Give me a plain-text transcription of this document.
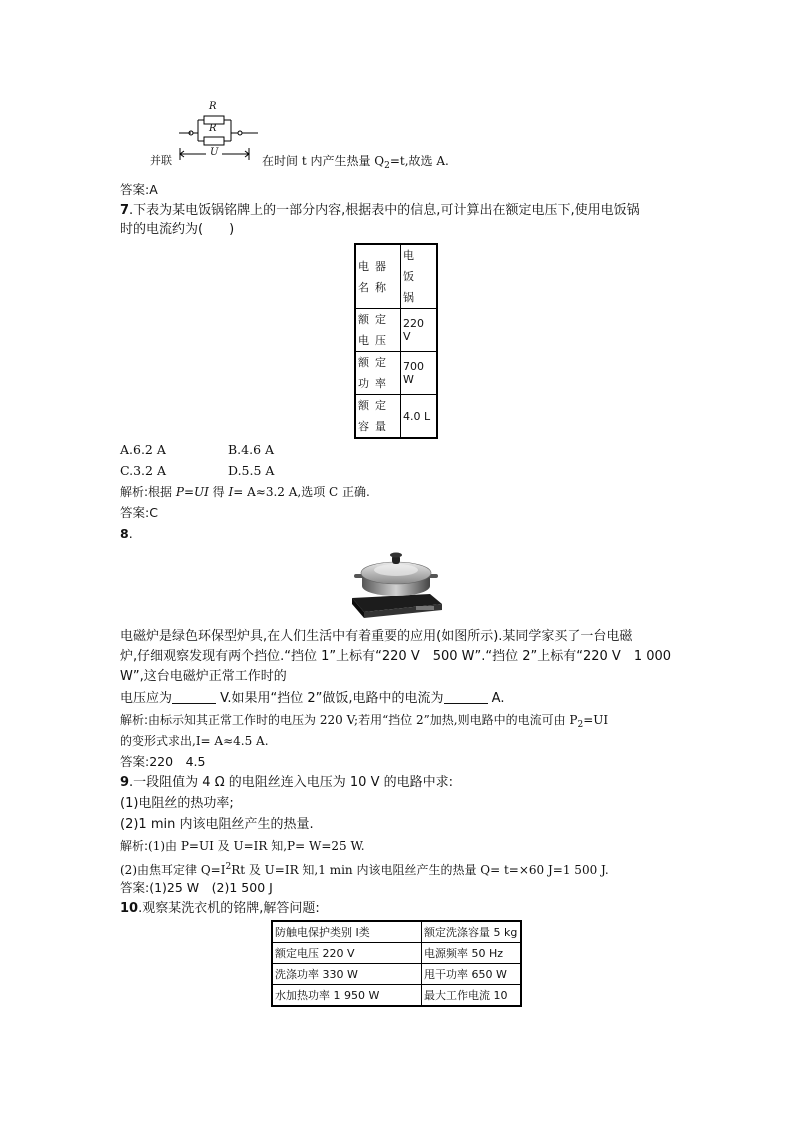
R
R
U
并联	在时间 t 内产生热量 $Q_2=t$,故选 A.
答案:A
7.下表为某电饭锅铭牌上的一部分内容,根据表中的信息,可计算出在额定电压下,使用电饭锅
时的电流约为(　　)
电器名称	电饭锅
额定电压	220 V
额定功率	700 W
额定容量	4.0 L
A.6.2 A	B.4.6 A
C.3.2 A	D.5.5 A
解析:根据 P=UI 得 I= A≈3.2 A,选项 C 正确.
答案:C
8.
电磁炉是绿色环保型炉具,在人们生活中有着重要的应用(如图所示).某同学家买了一台电磁
炉,仔细观察发现有两个挡位.“挡位 1”上标有“220 V　500 W”.“挡位 2”上标有“220 V　1 000
W”,这台电磁炉正常工作时的
电压应为	V.如果用“挡位 2”做饭,电路中的电流为	A.
解析:由标示知其正常工作时的电压为 220 V;若用“挡位 2”加热,则电路中的电流可由 $P_2=UI$
的变形式求出,I= A≈4.5 A.
答案:220　4.5
9.一段阻值为 4 Ω 的电阻丝连入电压为 10 V 的电路中求:
(1)电阻丝的热功率;
(2)1 min 内该电阻丝产生的热量.
解析:(1)由 P=UI 及 U=IR 知,P= W=25 W.
(2)由焦耳定律 $Q=I^2Rt$ 及 U=IR 知,1 min 内该电阻丝产生的热量 Q= t=×60 J=1 500 J.
答案:(1)25 W　(2)1 500 J
10.观察某洗衣机的铭牌,解答问题:
防触电保护类别 Ⅰ类	额定洗涤容量 5 kg
额定电压 220 V	电源频率 50 Hz
洗涤功率 330 W	甩干功率 650 W
水加热功率 1 950 W	最大工作电流 10
